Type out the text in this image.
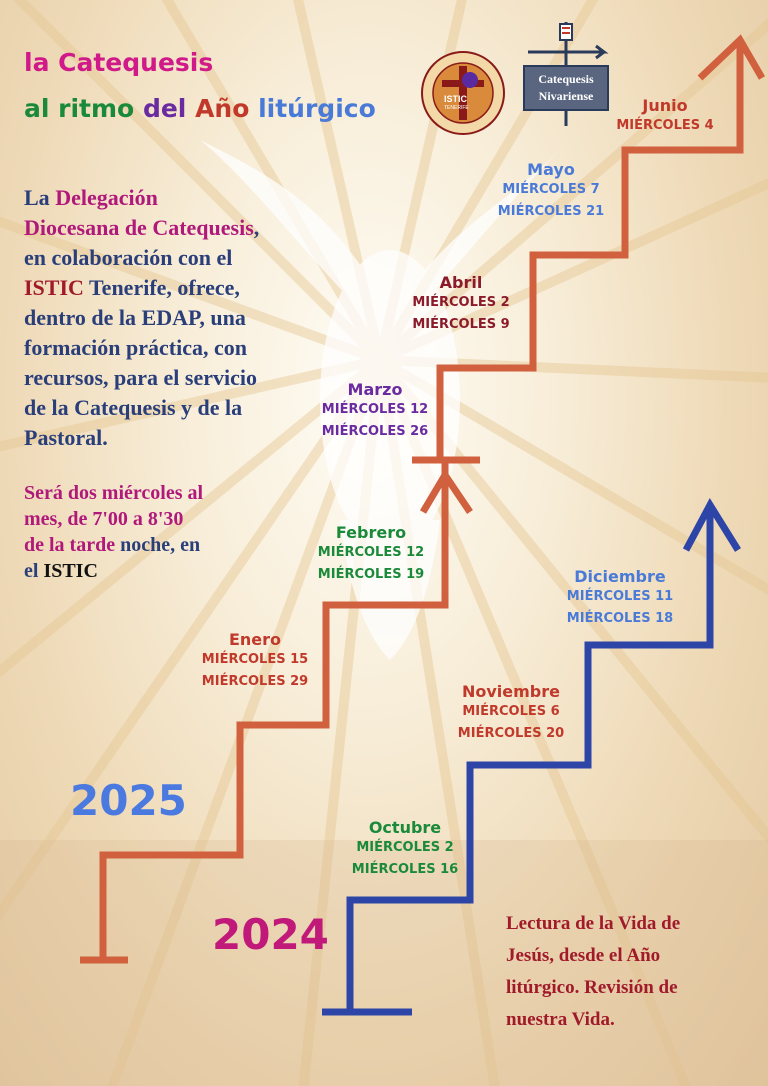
la Catequesis
al ritmo del Año litúrgico	ISTIC
TENERIFE
Catequesis
Nivariense
La Delegación
Diocesana de Catequesis,
en colaboración con el
ISTIC Tenerife, ofrece,
dentro de la EDAP, una
formación práctica, con
recursos, para el servicio
de la Catequesis y de la
Pastoral.
Será dos miércoles al
mes, de 7'00 a 8'30
de la tarde noche, en
el ISTIC
2025
2024
Enero
MIÉRCOLES 15
MIÉRCOLES 29
Febrero
MIÉRCOLES 12
MIÉRCOLES 19
Marzo
MIÉRCOLES 12
MIÉRCOLES 26
Abril
MIÉRCOLES 2
MIÉRCOLES 9
Mayo
MIÉRCOLES 7
MIÉRCOLES 21
Junio
MIÉRCOLES 4
Octubre
MIÉRCOLES 2
MIÉRCOLES 16
Noviembre
MIÉRCOLES 6
MIÉRCOLES 20
Diciembre
MIÉRCOLES 11
MIÉRCOLES 18
Lectura de la Vida de
Jesús, desde el Año
litúrgico. Revisión de
nuestra Vida.
